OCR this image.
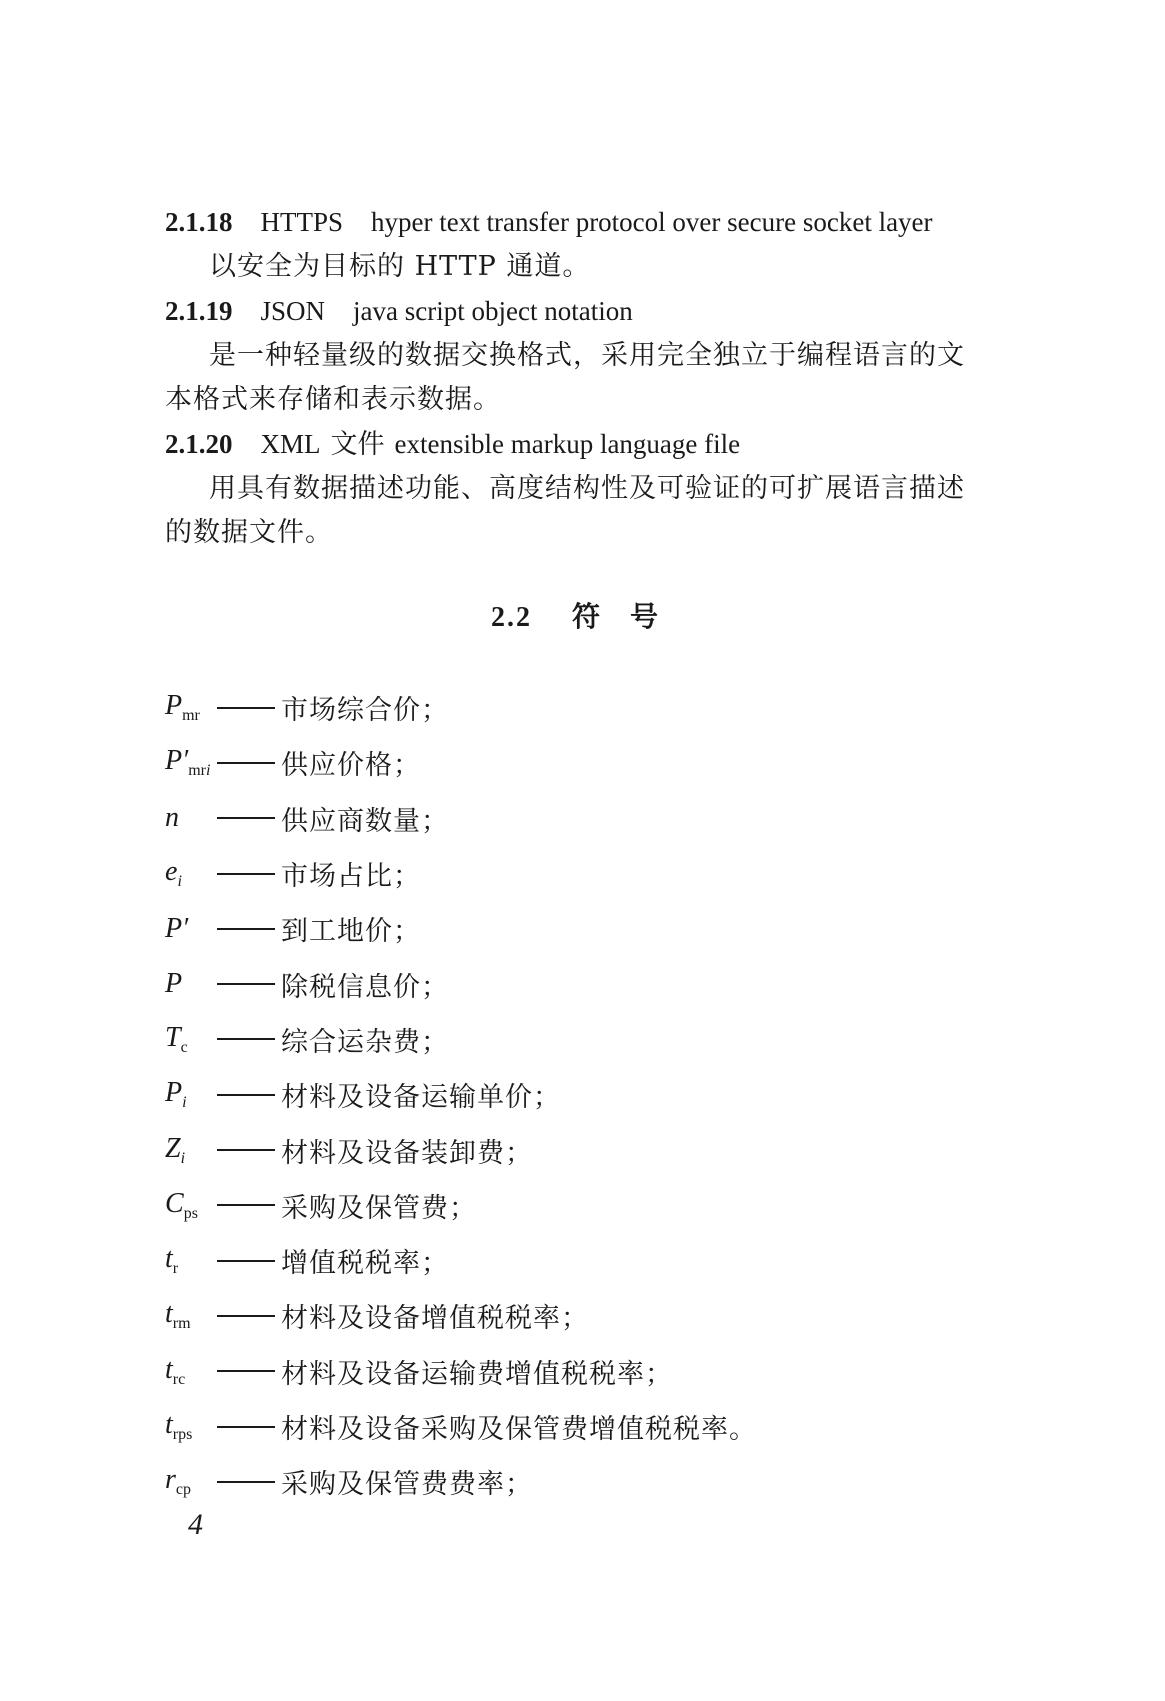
2.1.18 HTTPS hyper text transfer protocol over secure socket layer

以安全为目标的 HTTP 通道。

2.1.19 JSON java script object notation

是一种轻量级的数据交换格式，采用完全独立于编程语言的文

本格式来存储和表示数据。

2.1.20 XML 文件 extensible markup language file

用具有数据描述功能、高度结构性及可验证的可扩展语言描述

的数据文件。

2.2 符 号
$P_{mr}$	市场综合价；
$P'_{mri}$	供应价格；
n	供应商数量；
$e_i$	市场占比；
P′	到工地价；
P	除税信息价；
$T_c$	综合运杂费；
$P_i$	材料及设备运输单价；
$Z_i$	材料及设备装卸费；
$C_{ps}$	采购及保管费；
$t_r$	增值税税率；
$t_{rm}$	材料及设备增值税税率；
$t_{rc}$	材料及设备运输费增值税税率；
$t_{rps}$	材料及设备采购及保管费增值税税率。
$r_{cp}$	采购及保管费费率；
4
